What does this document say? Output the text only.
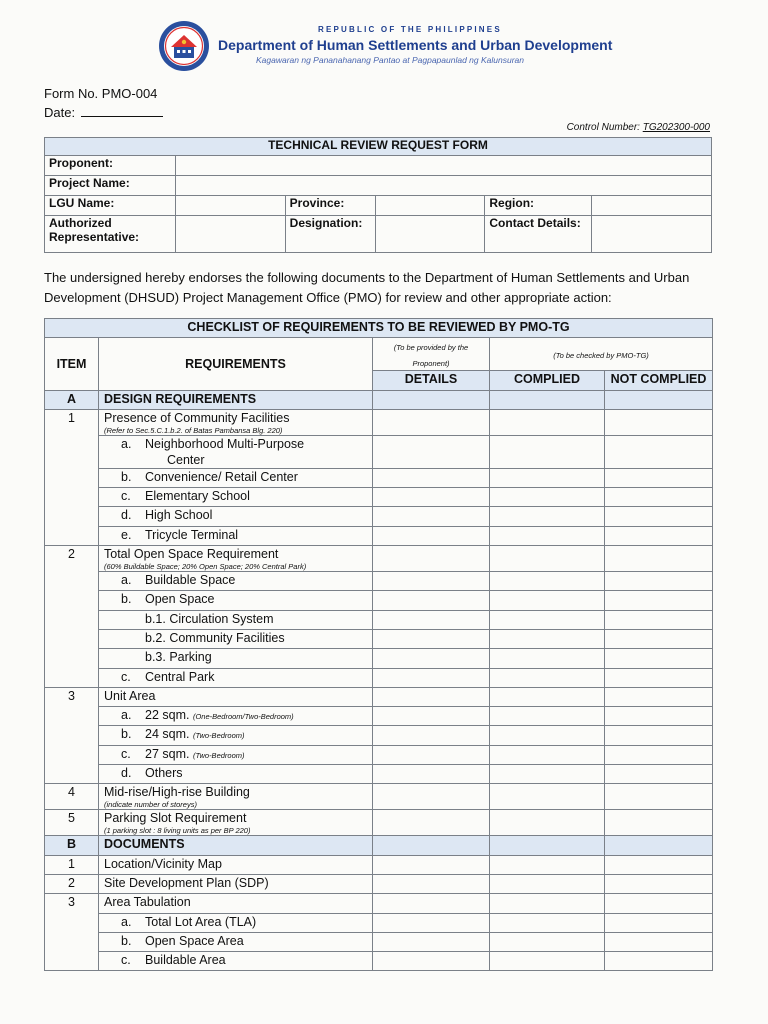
REPUBLIC OF THE PHILIPPINES
Department of Human Settlements and Urban Development
Kagawaran ng Pananahanang Pantao at Pagpapaunlad ng Kalunsuran
Form No. PMO-004
Date:
Control Number: TG202300-000
TECHNICAL REVIEW REQUEST FORM					
Proponent:					
Project Name:					
LGU Name:		Province:		Region:	
Authorized
Representative:		Designation:		Contact Details:	
The undersigned hereby endorses the following documents to the Department of Human Settlements and Urban Development (DHSUD) Project Management Office (PMO) for review and other appropriate action:
CHECKLIST OF REQUIREMENTS TO BE REVIEWED BY PMO-TG				
ITEM	REQUIREMENTS	(To be provided by the Proponent)	(To be checked by PMO-TG)	
		DETAILS	COMPLIED	NOT COMPLIED
A	DESIGN REQUIREMENTS			
1	Presence of Community Facilities
(Refer to Sec.5.C.1.b.2. of Batas Pambansa Blg. 220)			

	a. Neighborhood Multi-Purpose
Center			

	b. Convenience/ Retail Center			
	c. Elementary School			
	d. High School			
	e. Tricycle Terminal			
2	Total Open Space Requirement
(60% Buildable Space; 20% Open Space; 20% Central Park)			

	a. Buildable Space			
	b. Open Space			
	b.1. Circulation System			
	b.2. Community Facilities			
	b.3. Parking			
	c. Central Park			
3	Unit Area			
	a. 22 sqm. (One-Bedroom/Two-Bedroom)			
	b. 24 sqm. (Two-Bedroom)			
	c. 27 sqm. (Two-Bedroom)			
	d. Others			
4	Mid-rise/High-rise Building
(indicate number of storeys)			

5	Parking Slot Requirement
(1 parking slot : 8 living units as per BP 220)			

B	DOCUMENTS			
1	Location/Vicinity Map			
2	Site Development Plan (SDP)			
3	Area Tabulation			
	a. Total Lot Area (TLA)			
	b. Open Space Area			
	c. Buildable Area			
